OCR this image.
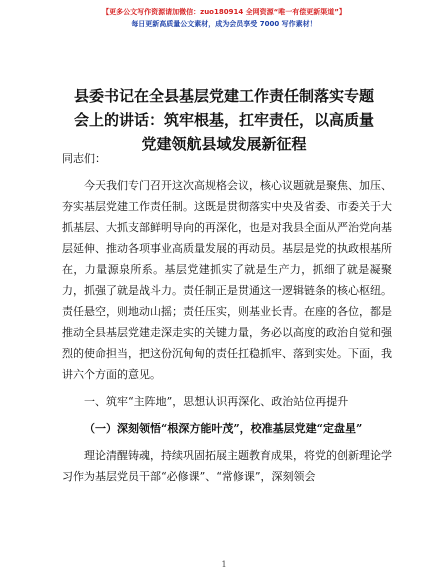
【更多公文写作资源请加微信：zuo180914 全网资源“唯一有偿更新渠道”】
每日更新高质量公文素材，成为会员享受 7000 写作素材！
县委书记在全县基层党建工作责任制落实专题
会上的讲话：筑牢根基，扛牢责任，以高质量
党建领航县域发展新征程

同志们：

今天我们专门召开这次高规格会议，核心议题就是聚焦、加压、夯实基层党建工作责任制。这既是贯彻落实中央及省委、市委关于大抓基层、大抓支部鲜明导向的再深化，也是对我县全面从严治党向基层延伸、推动各项事业高质量发展的再动员。基层是党的执政根基所在，力量源泉所系。基层党建抓实了就是生产力，抓细了就是凝聚力，抓强了就是战斗力。责任制正是贯通这一逻辑链条的核心枢纽。责任悬空，则地动山摇；责任压实，则基业长青。在座的各位，都是推动全县基层党建走深走实的关键力量，务必以高度的政治自觉和强烈的使命担当，把这份沉甸甸的责任扛稳抓牢、落到实处。下面，我讲六个方面的意见。

一、筑牢“主阵地”，思想认识再深化、政治站位再提升

（一）深刻领悟“根深方能叶茂”，校准基层党建“定盘星”

理论清醒铸魂，持续巩固拓展主题教育成果，将党的创新理论学习作为基层党员干部“必修课”、“常修课”，深刻领会

1
